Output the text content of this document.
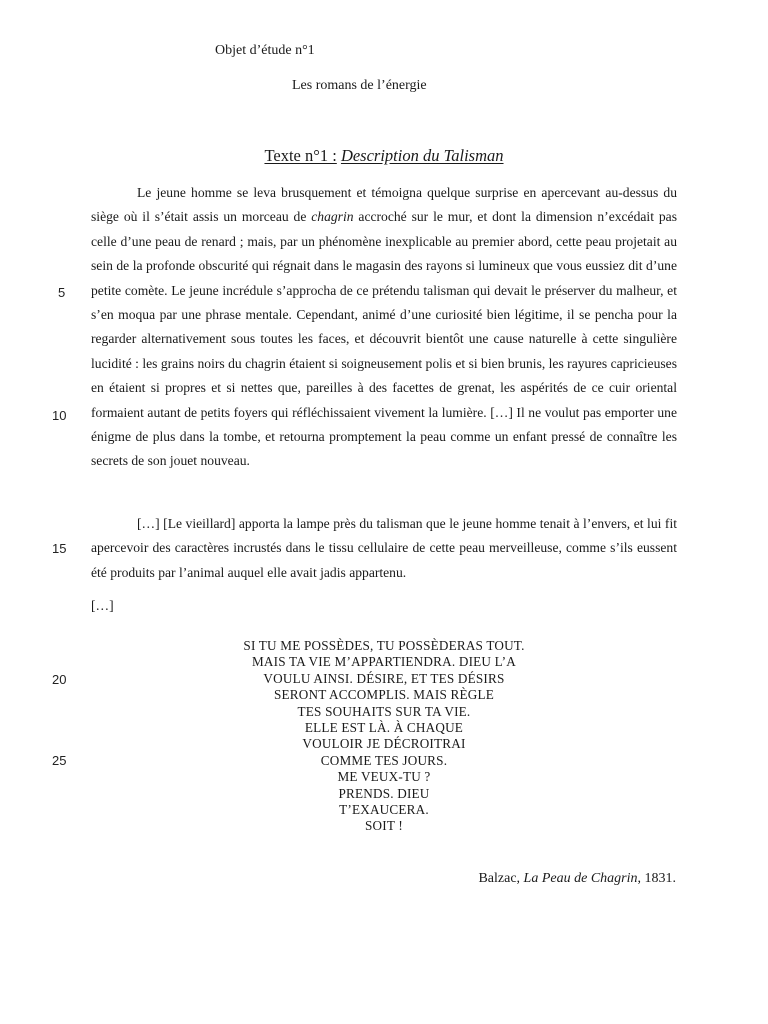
Objet d’étude n°1
Les romans de l’énergie
Texte n°1 : Description du Talisman
Le jeune homme se leva brusquement et témoigna quelque surprise en apercevant au-dessus du siège où il s’était assis un morceau de chagrin accroché sur le mur, et dont la dimension n’excédait pas celle d’une peau de renard ; mais, par un phénomène inexplicable au premier abord, cette peau projetait au sein de la profonde obscurité qui régnait dans le magasin des rayons si lumineux que vous eussiez dit d’une petite comète. Le jeune incrédule s’approcha de ce prétendu talisman qui devait le préserver du malheur, et s’en moqua par une phrase mentale. Cependant, animé d’une curiosité bien légitime, il se pencha pour la regarder alternativement sous toutes les faces, et découvrit bientôt une cause naturelle à cette singulière lucidité : les grains noirs du chagrin étaient si soigneusement polis et si bien brunis, les rayures capricieuses en étaient si propres et si nettes que, pareilles à des facettes de grenat, les aspérités de ce cuir oriental formaient autant de petits foyers qui réfléchissaient vivement la lumière. […] Il ne voulut pas emporter une énigme de plus dans la tombe, et retourna promptement la peau comme un enfant pressé de connaître les secrets de son jouet nouveau.
[…] [Le vieillard] apporta la lampe près du talisman que le jeune homme tenait à l’envers, et lui fit apercevoir des caractères incrustés dans le tissu cellulaire de cette peau merveilleuse, comme s’ils eussent été produits par l’animal auquel elle avait jadis appartenu.
[…]
SI TU ME POSSÈDES, TU POSSÈDERAS TOUT.
MAIS TA VIE M’APPARTIENDRA. DIEU L’A
VOULU AINSI. DÉSIRE, ET TES DÉSIRS
SERONT ACCOMPLIS. MAIS RÈGLE
TES SOUHAITS SUR TA VIE.
ELLE EST LÀ. À CHAQUE
VOULOIR JE DÉCROITRAI
COMME TES JOURS.
ME VEUX-TU ?
PRENDS. DIEU
T’EXAUCERA.
SOIT !
5
10
15
20
25
Balzac, La Peau de Chagrin, 1831.
